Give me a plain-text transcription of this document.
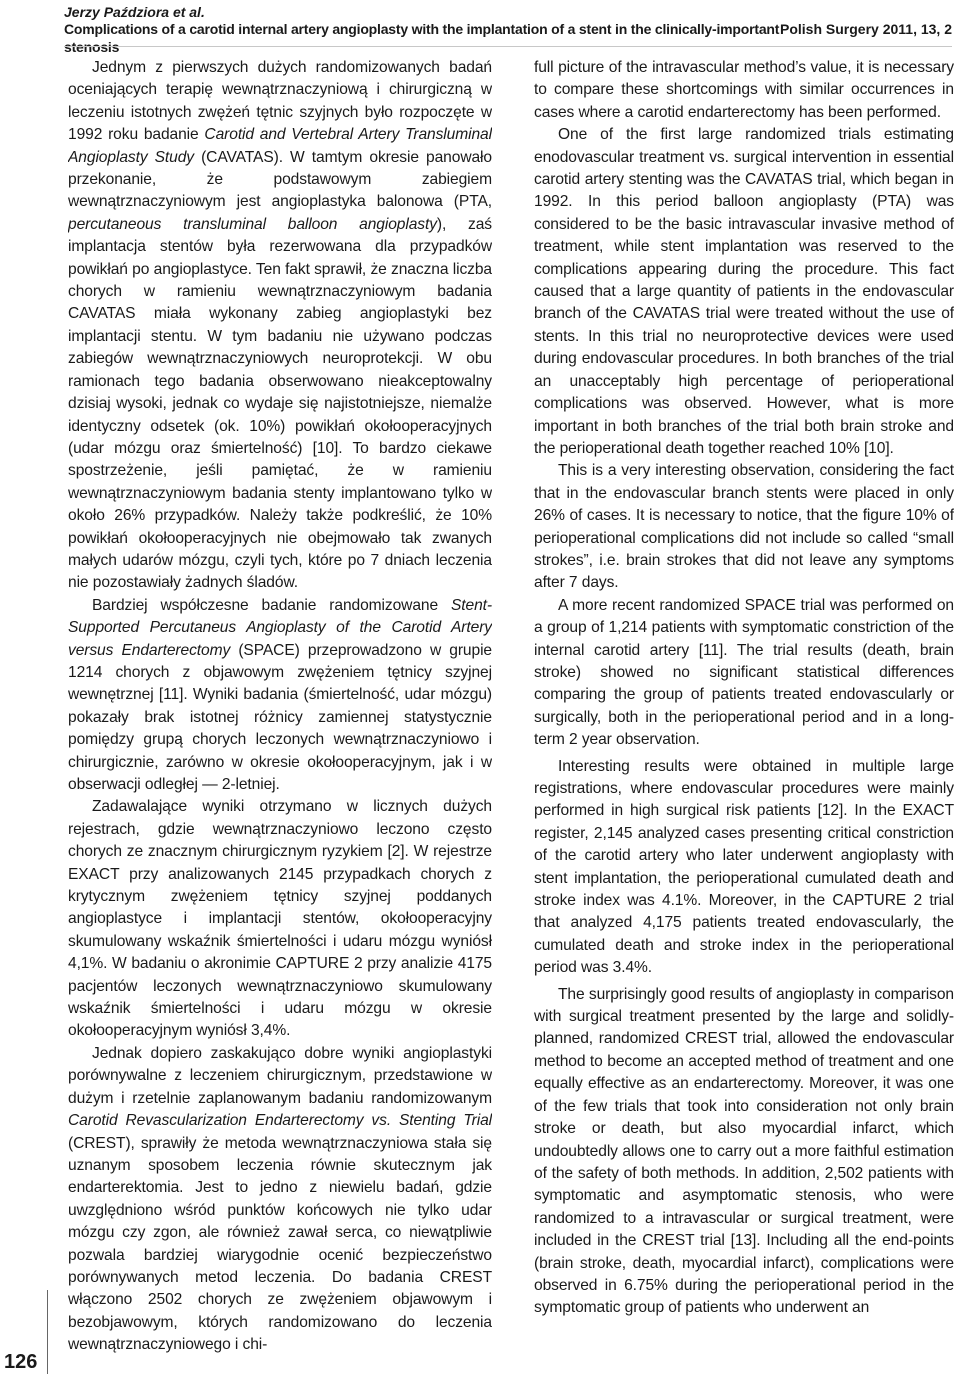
Jerzy Paździora et al.
Complications of a carotid internal artery angioplasty with the implantation of a stent in the clinically-important stenosis
Polish Surgery 2011, 13, 2

Jednym z pierwszych dużych randomizowanych badań oceniających terapię wewnątrznaczyniową i chirurgiczną w leczeniu istotnych zwężeń tętnic szyjnych było rozpoczęte w 1992 roku badanie Carotid and Vertebral Artery Transluminal Angioplasty Study (CAVATAS). W tamtym okresie panowało przekonanie, że podstawowym zabiegiem wewnątrznaczyniowym jest angioplastyka balonowa (PTA, percutaneous transluminal balloon angioplasty), zaś implantacja stentów była rezerwowana dla przypadków powikłań po angioplastyce. Ten fakt sprawił, że znaczna liczba chorych w ramieniu wewnątrznaczyniowym badania CAVATAS miała wykonany zabieg angioplastyki bez implantacji stentu. W tym badaniu nie używano podczas zabiegów wewnątrznaczyniowych neuroprotekcji. W obu ramionach tego badania obserwowano nieakceptowalny dzisiaj wysoki, jednak co wydaje się najistotniejsze, niemalże identyczny odsetek (ok. 10%) powikłań okołooperacyjnych (udar mózgu oraz śmiertelność) [10]. To bardzo ciekawe spostrzeżenie, jeśli pamiętać, że w ramieniu wewnątrznaczyniowym badania stenty implantowano tylko w około 26% przypadków. Należy także podkreślić, że 10% powikłań okołooperacyjnych nie obejmowało tak zwanych małych udarów mózgu, czyli tych, które po 7 dniach leczenia nie pozostawiały żadnych śladów.

Bardziej współczesne badanie randomizowane Stent-Supported Percutaneus Angioplasty of the Carotid Artery versus Endarterectomy (SPACE) przeprowadzono w grupie 1214 chorych z objawowym zwężeniem tętnicy szyjnej wewnętrznej [11]. Wyniki badania (śmiertelność, udar mózgu) pokazały brak istotnej różnicy zamiennej statystycznie pomiędzy grupą chorych leczonych wewnątrznaczyniowo i chirurgicznie, zarówno w okresie okołooperacyjnym, jak i w obserwacji odległej — 2-letniej.

Zadawalające wyniki otrzymano w licznych dużych rejestrach, gdzie wewnątrznaczyniowo leczono często chorych ze znacznym chirurgicznym ryzykiem [2]. W rejestrze EXACT przy analizowanych 2145 przypadkach chorych z krytycznym zwężeniem tętnicy szyjnej poddanych angioplastyce i implantacji stentów, okołooperacyjny skumulowany wskaźnik śmiertelności i udaru mózgu wyniósł 4,1%. W badaniu o akronimie CAPTURE 2 przy analizie 4175 pacjentów leczonych wewnątrznaczyniowo skumulowany wskaźnik śmiertelności i udaru mózgu w okresie okołooperacyjnym wyniósł 3,4%.

Jednak dopiero zaskakująco dobre wyniki angioplastyki porównywalne z leczeniem chirurgicznym, przedstawione w dużym i rzetelnie zaplanowanym badaniu randomizowanym Carotid Revascularization Endarterectomy vs. Stenting Trial (CREST), sprawiły że metoda wewnątrznaczyniowa stała się uznanym sposobem leczenia równie skutecznym jak endarterektomia. Jest to jedno z niewielu badań, gdzie uwzględniono wśród punktów końcowych nie tylko udar mózgu czy zgon, ale również zawał serca, co niewątpliwie pozwala bardziej wiarygodnie ocenić bezpieczeństwo porównywanych metod leczenia. Do badania CREST włączono 2502 chorych ze zwężeniem objawowym i bezobjawowym, których randomizowano do leczenia wewnątrznaczyniowego i chi-

full picture of the intravascular method’s value, it is necessary to compare these shortcomings with similar occurrences in cases where a carotid endarterectomy has been performed.

One of the first large randomized trials estimating enodovascular treatment vs. surgical intervention in essential carotid artery stenting was the CAVATAS trial, which began in 1992. In this period balloon angioplasty (PTA) was considered to be the basic intravascular invasive method of treatment, while stent implantation was reserved to the complications appearing during the procedure. This fact caused that a large quantity of patients in the endovascular branch of the CAVATAS trial were treated without the use of stents. In this trial no neuroprotective devices were used during endovascular procedures. In both branches of the trial an unacceptably high percentage of perioperational complications was observed. However, what is more important in both branches of the trial both brain stroke and the perioperational death together reached 10% [10].

This is a very interesting observation, considering the fact that in the endovascular branch stents were placed in only 26% of cases. It is necessary to notice, that the figure 10% of perioperational complications did not include so called “small strokes”, i.e. brain strokes that did not leave any symptoms after 7 days.

A more recent randomized SPACE trial was performed on a group of 1,214 patients with symptomatic constriction of the internal carotid artery [11]. The trial results (death, brain stroke) showed no significant statistical differences comparing the group of patients treated endovascularly or surgically, both in the perioperational period and in a long-term 2 year observation.

Interesting results were obtained in multiple large registrations, where endovascular procedures were mainly performed in high surgical risk patients [12]. In the EXACT register, 2,145 analyzed cases presenting critical constriction of the carotid artery who later underwent angioplasty with stent implantation, the perioperational cumulated death and stroke index was 4.1%. Moreover, in the CAPTURE 2 trial that analyzed 4,175 patients treated endovascularly, the cumulated death and stroke index in the perioperational period was 3.4%.

The surprisingly good results of angioplasty in comparison with surgical treatment presented by the large and solidly-planned, randomized CREST trial, allowed the endovascular method to become an accepted method of treatment and one equally effective as an endarterectomy. Moreover, it was one of the few trials that took into consideration not only brain stroke or death, but also myocardial infarct, which undoubtedly allows one to carry out a more faithful estimation of the safety of both methods. In addition, 2,502 patients with symptomatic and asymptomatic stenosis, who were randomized to a intravascular or surgical treatment, were included in the CREST trial [13]. Including all the end-points (brain stroke, death, myocardial infarct), complications were observed in 6.75% during the perioperational period in the symptomatic group of patients who underwent an

126
